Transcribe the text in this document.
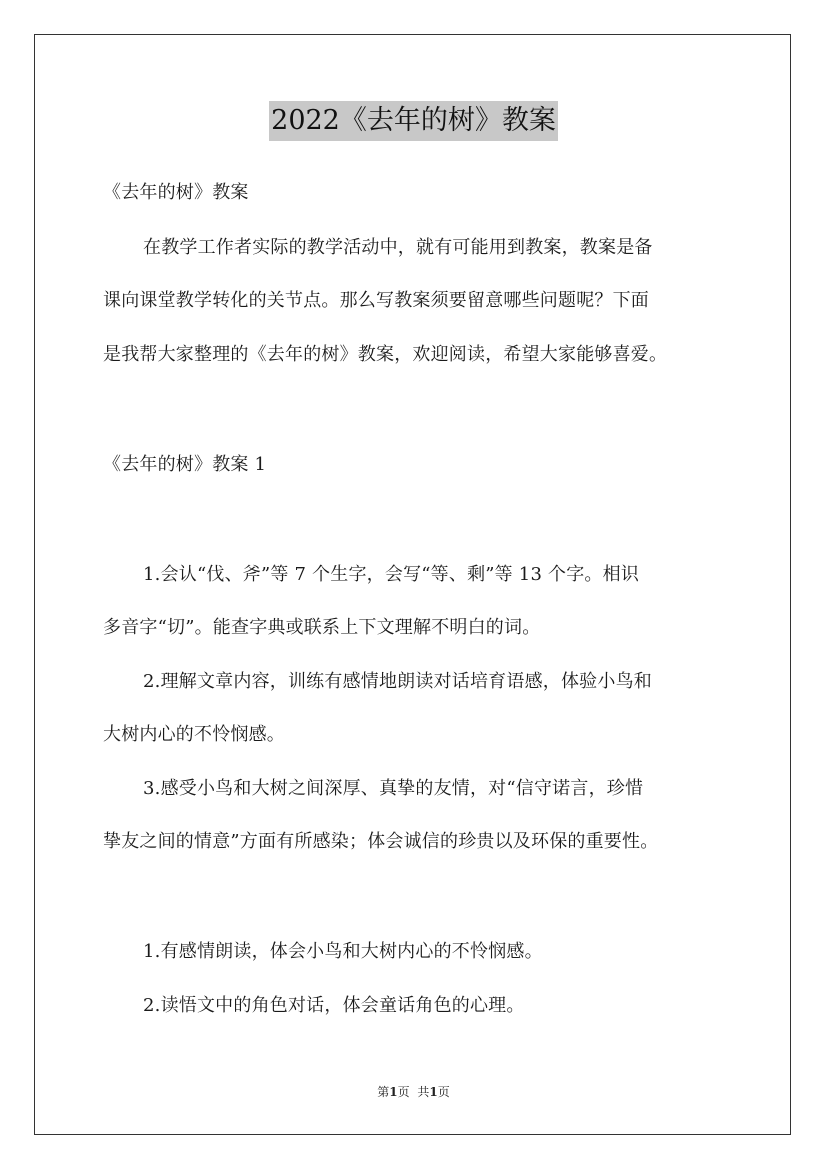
2022《去年的树》教案
《去年的树》教案
在教学工作者实际的教学活动中，就有可能用到教案，教案是备
课向课堂教学转化的关节点。那么写教案须要留意哪些问题呢？下面
是我帮大家整理的《去年的树》教案，欢迎阅读，希望大家能够喜爱。
《去年的树》教案 1
1.会认“伐、斧”等 7 个生字，会写“等、剩”等 13 个字。相识
多音字“切”。能查字典或联系上下文理解不明白的词。
2.理解文章内容，训练有感情地朗读对话培育语感，体验小鸟和
大树内心的不怜悯感。
3.感受小鸟和大树之间深厚、真挚的友情，对“信守诺言，珍惜
挚友之间的情意”方面有所感染；体会诚信的珍贵以及环保的重要性。
1.有感情朗读，体会小鸟和大树内心的不怜悯感。
2.读悟文中的角色对话，体会童话角色的心理。
第1页 共1页
